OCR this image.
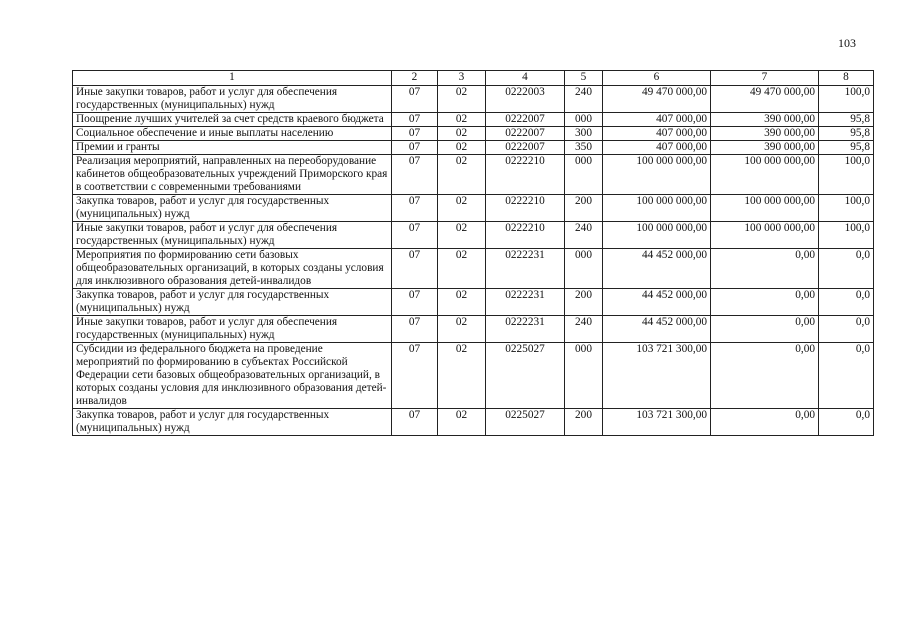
103
1	2	3	4	5	6	7	8
Иные закупки товаров, работ и услуг для обеспечения государственных (муниципальных) нужд	07	02	0222003	240	49 470 000,00	49 470 000,00	100,0
Поощрение лучших учителей за счет средств краевого бюджета	07	02	0222007	000	407 000,00	390 000,00	95,8
Социальное обеспечение и иные выплаты населению	07	02	0222007	300	407 000,00	390 000,00	95,8
Премии и гранты	07	02	0222007	350	407 000,00	390 000,00	95,8
Реализация мероприятий, направленных на переоборудование кабинетов общеобразовательных учреждений Приморского края в соответствии с современными требованиями	07	02	0222210	000	100 000 000,00	100 000 000,00	100,0
Закупка товаров, работ и услуг для государственных (муниципальных) нужд	07	02	0222210	200	100 000 000,00	100 000 000,00	100,0
Иные закупки товаров, работ и услуг для обеспечения государственных (муниципальных) нужд	07	02	0222210	240	100 000 000,00	100 000 000,00	100,0
Мероприятия по формированию сети базовых общеобразовательных организаций, в которых созданы условия для инклюзивного образования детей-инвалидов	07	02	0222231	000	44 452 000,00	0,00	0,0
Закупка товаров, работ и услуг для государственных (муниципальных) нужд	07	02	0222231	200	44 452 000,00	0,00	0,0
Иные закупки товаров, работ и услуг для обеспечения государственных (муниципальных) нужд	07	02	0222231	240	44 452 000,00	0,00	0,0
Субсидии из федерального бюджета на проведение мероприятий по формированию в субъектах Российской Федерации сети базовых общеобразовательных организаций, в которых созданы условия для инклюзивного образования детей-инвалидов	07	02	0225027	000	103 721 300,00	0,00	0,0
Закупка товаров, работ и услуг для государственных (муниципальных) нужд	07	02	0225027	200	103 721 300,00	0,00	0,0
